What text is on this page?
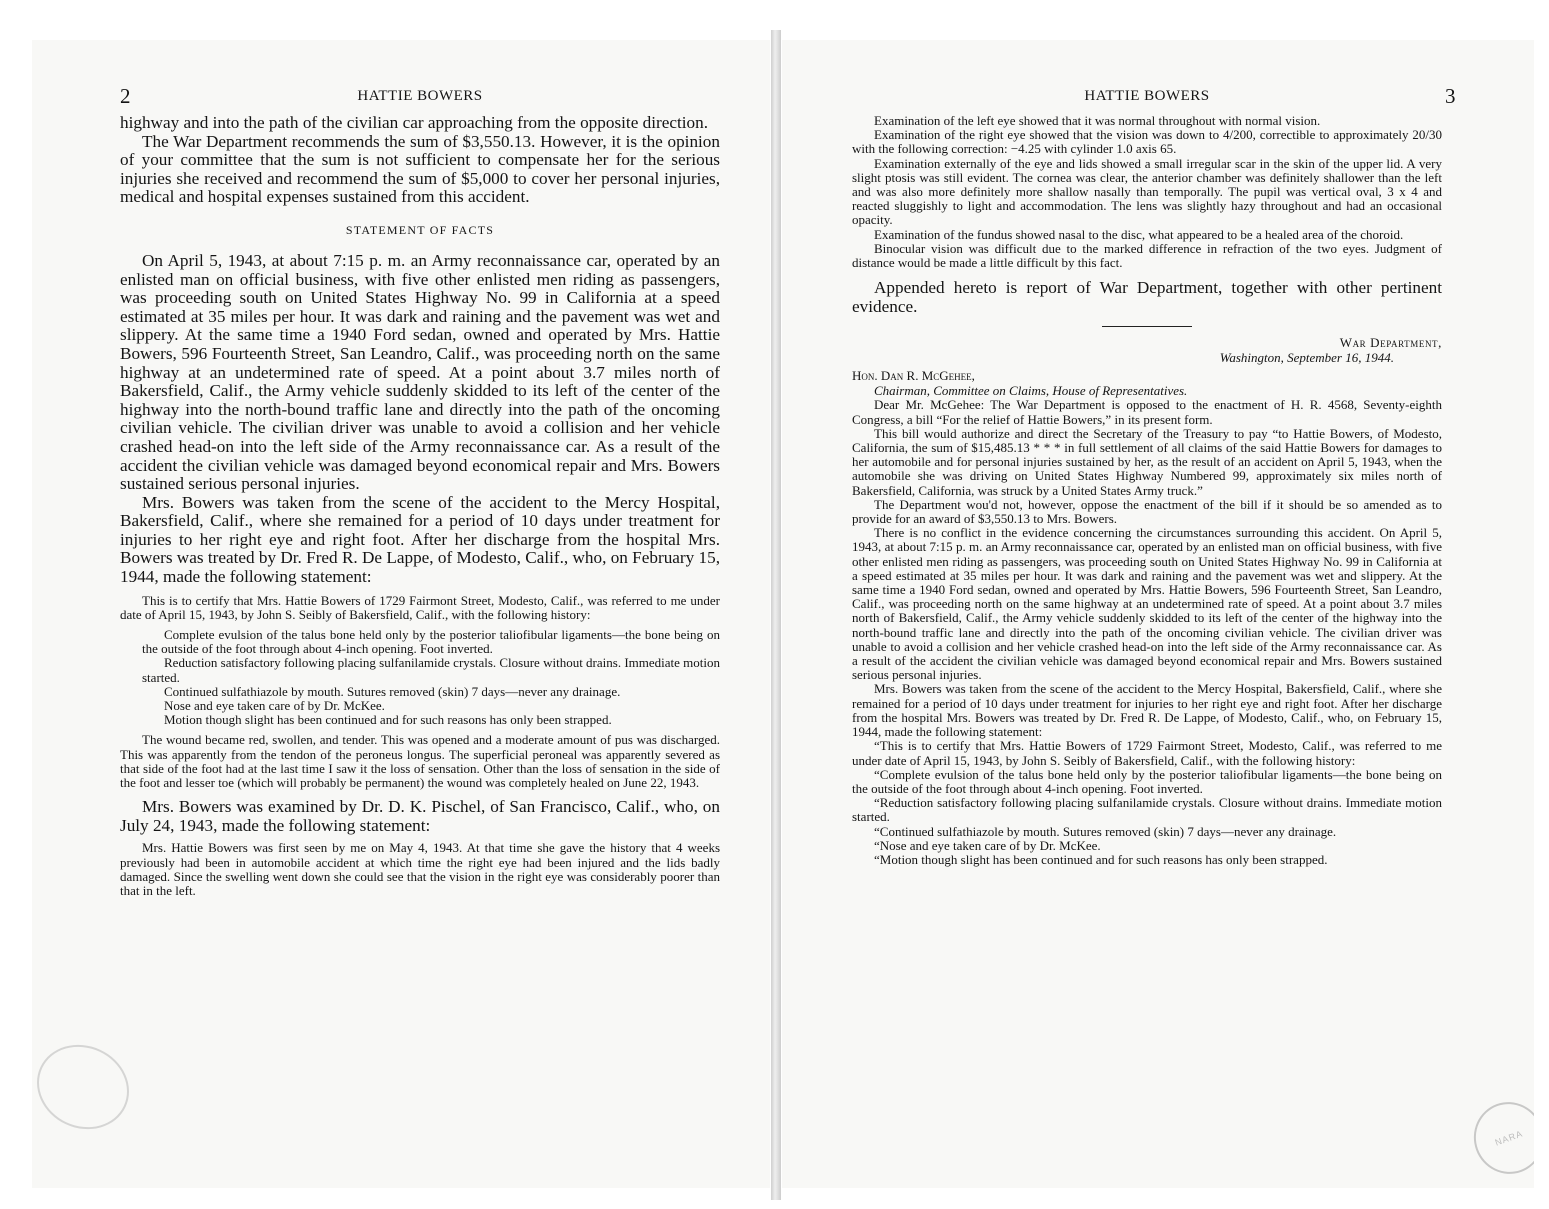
2	HATTIE BOWERS

highway and into the path of the civilian car approaching from the opposite direction.

The War Department recommends the sum of $3,550.13. However, it is the opinion of your committee that the sum is not sufficient to compensate her for the serious injuries she received and recommend the sum of $5,000 to cover her personal injuries, medical and hospital expenses sustained from this accident.

STATEMENT OF FACTS

On April 5, 1943, at about 7:15 p. m. an Army reconnaissance car, operated by an enlisted man on official business, with five other enlisted men riding as passengers, was proceeding south on United States Highway No. 99 in California at a speed estimated at 35 miles per hour. It was dark and raining and the pavement was wet and slippery. At the same time a 1940 Ford sedan, owned and operated by Mrs. Hattie Bowers, 596 Fourteenth Street, San Leandro, Calif., was proceeding north on the same highway at an undetermined rate of speed. At a point about 3.7 miles north of Bakersfield, Calif., the Army vehicle suddenly skidded to its left of the center of the highway into the north-bound traffic lane and directly into the path of the oncoming civilian vehicle. The civilian driver was unable to avoid a collision and her vehicle crashed head-on into the left side of the Army reconnaissance car. As a result of the accident the civilian vehicle was damaged beyond economical repair and Mrs. Bowers sustained serious personal injuries.

Mrs. Bowers was taken from the scene of the accident to the Mercy Hospital, Bakersfield, Calif., where she remained for a period of 10 days under treatment for injuries to her right eye and right foot. After her discharge from the hospital Mrs. Bowers was treated by Dr. Fred R. De Lappe, of Modesto, Calif., who, on February 15, 1944, made the following statement:

This is to certify that Mrs. Hattie Bowers of 1729 Fairmont Street, Modesto, Calif., was referred to me under date of April 15, 1943, by John S. Seibly of Bakersfield, Calif., with the following history:

Complete evulsion of the talus bone held only by the posterior taliofibular ligaments—the bone being on the outside of the foot through about 4-inch opening. Foot inverted.

Reduction satisfactory following placing sulfanilamide crystals. Closure without drains. Immediate motion started.

Continued sulfathiazole by mouth. Sutures removed (skin) 7 days—never any drainage.

Nose and eye taken care of by Dr. McKee.

Motion though slight has been continued and for such reasons has only been strapped.

The wound became red, swollen, and tender. This was opened and a moderate amount of pus was discharged. This was apparently from the tendon of the peroneus longus. The superficial peroneal was apparently severed as that side of the foot had at the last time I saw it the loss of sensation. Other than the loss of sensation in the side of the foot and lesser toe (which will probably be permanent) the wound was completely healed on June 22, 1943.

Mrs. Bowers was examined by Dr. D. K. Pischel, of San Francisco, Calif., who, on July 24, 1943, made the following statement:

Mrs. Hattie Bowers was first seen by me on May 4, 1943. At that time she gave the history that 4 weeks previously had been in automobile accident at which time the right eye had been injured and the lids badly damaged. Since the swelling went down she could see that the vision in the right eye was considerably poorer than that in the left.

NARA
HATTIE BOWERS	3

Examination of the left eye showed that it was normal throughout with normal vision.

Examination of the right eye showed that the vision was down to 4/200, correctible to approximately 20/30 with the following correction: −4.25 with cylinder 1.0 axis 65.

Examination externally of the eye and lids showed a small irregular scar in the skin of the upper lid. A very slight ptosis was still evident. The cornea was clear, the anterior chamber was definitely shallower than the left and was also more definitely more shallow nasally than temporally. The pupil was vertical oval, 3 x 4 and reacted sluggishly to light and accommodation. The lens was slightly hazy throughout and had an occasional opacity.

Examination of the fundus showed nasal to the disc, what appeared to be a healed area of the choroid.

Binocular vision was difficult due to the marked difference in refraction of the two eyes. Judgment of distance would be made a little difficult by this fact.

Appended hereto is report of War Department, together with other pertinent evidence.

War Department,
Washington, September 16, 1944.
Hon. Dan R. McGehee,
Chairman, Committee on Claims, House of Representatives.

Dear Mr. McGehee: The War Department is opposed to the enactment of H. R. 4568, Seventy-eighth Congress, a bill “For the relief of Hattie Bowers,” in its present form.

This bill would authorize and direct the Secretary of the Treasury to pay “to Hattie Bowers, of Modesto, California, the sum of $15,485.13 * * * in full settlement of all claims of the said Hattie Bowers for damages to her automobile and for personal injuries sustained by her, as the result of an accident on April 5, 1943, when the automobile she was driving on United States Highway Numbered 99, approximately six miles north of Bakersfield, California, was struck by a United States Army truck.”

The Department wou'd not, however, oppose the enactment of the bill if it should be so amended as to provide for an award of $3,550.13 to Mrs. Bowers.

There is no conflict in the evidence concerning the circumstances surrounding this accident. On April 5, 1943, at about 7:15 p. m. an Army reconnaissance car, operated by an enlisted man on official business, with five other enlisted men riding as passengers, was proceeding south on United States Highway No. 99 in California at a speed estimated at 35 miles per hour. It was dark and raining and the pavement was wet and slippery. At the same time a 1940 Ford sedan, owned and operated by Mrs. Hattie Bowers, 596 Fourteenth Street, San Leandro, Calif., was proceeding north on the same highway at an undetermined rate of speed. At a point about 3.7 miles north of Bakersfield, Calif., the Army vehicle suddenly skidded to its left of the center of the highway into the north-bound traffic lane and directly into the path of the oncoming civilian vehicle. The civilian driver was unable to avoid a collision and her vehicle crashed head-on into the left side of the Army reconnaissance car. As a result of the accident the civilian vehicle was damaged beyond economical repair and Mrs. Bowers sustained serious personal injuries.

Mrs. Bowers was taken from the scene of the accident to the Mercy Hospital, Bakersfield, Calif., where she remained for a period of 10 days under treatment for injuries to her right eye and right foot. After her discharge from the hospital Mrs. Bowers was treated by Dr. Fred R. De Lappe, of Modesto, Calif., who, on February 15, 1944, made the following statement:

“This is to certify that Mrs. Hattie Bowers of 1729 Fairmont Street, Modesto, Calif., was referred to me under date of April 15, 1943, by John S. Seibly of Bakersfield, Calif., with the following history:

“Complete evulsion of the talus bone held only by the posterior taliofibular ligaments—the bone being on the outside of the foot through about 4-inch opening. Foot inverted.

“Reduction satisfactory following placing sulfanilamide crystals. Closure without drains. Immediate motion started.

“Continued sulfathiazole by mouth. Sutures removed (skin) 7 days—never any drainage.

“Nose and eye taken care of by Dr. McKee.

“Motion though slight has been continued and for such reasons has only been strapped.
